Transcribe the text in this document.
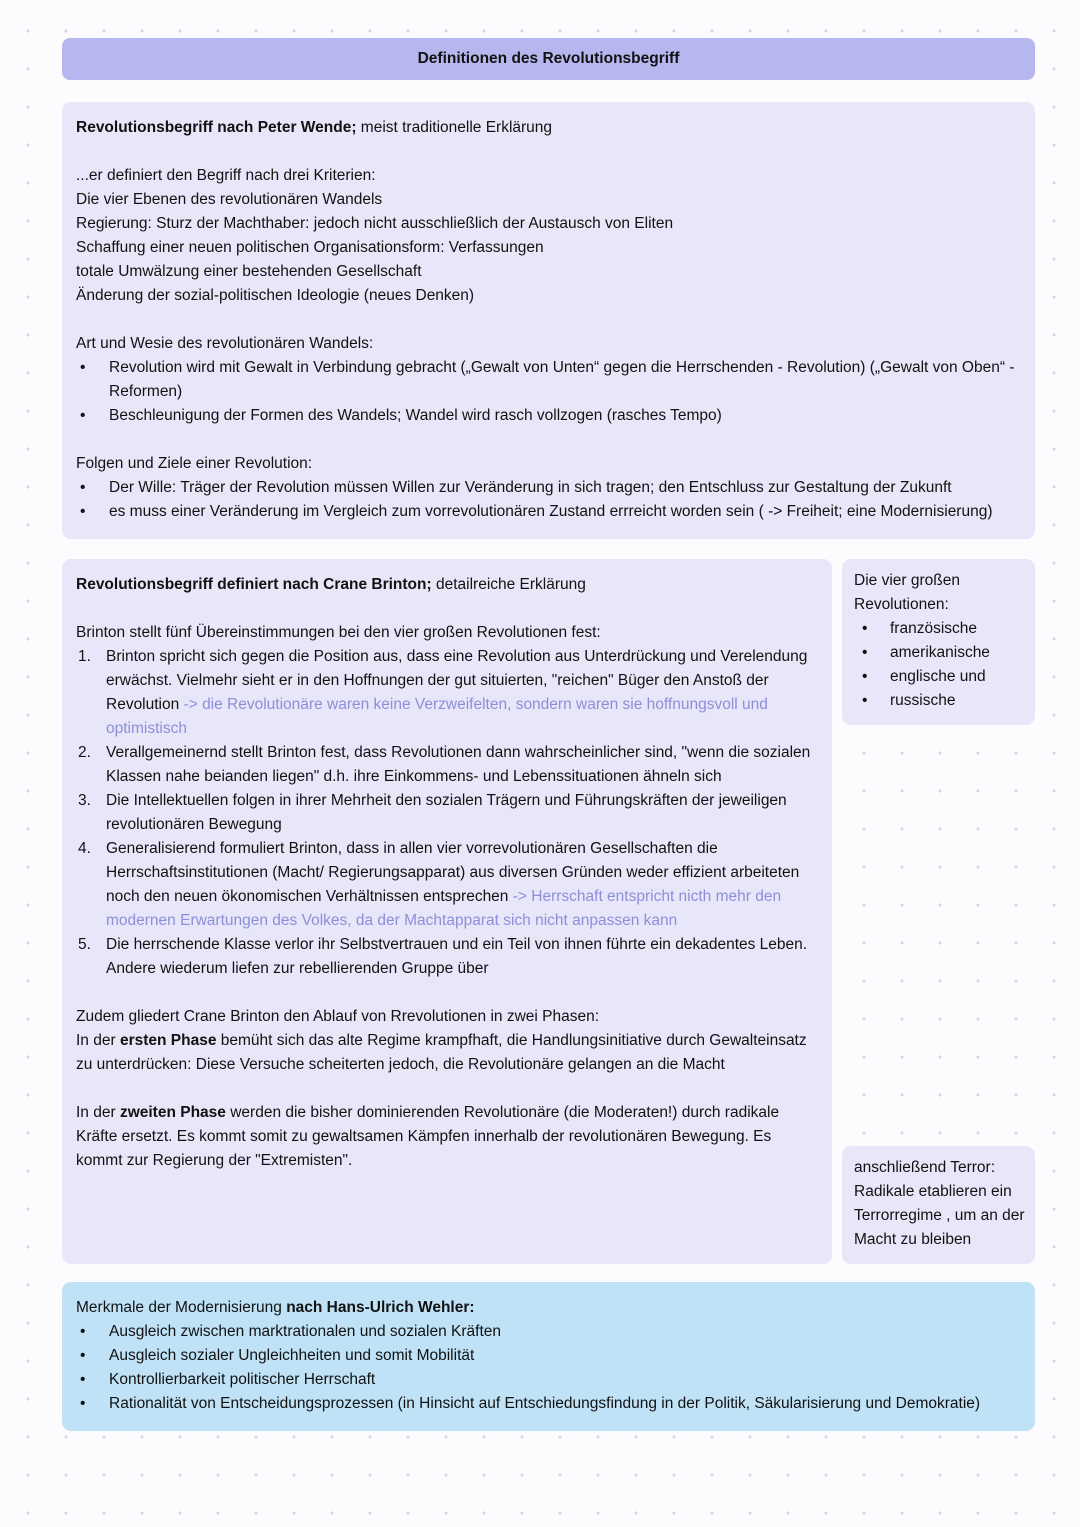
Definitionen des Revolutionsbegriff

Revolutionsbegriff nach Peter Wende; meist traditionelle Erklärung

...er definiert den Begriff nach drei Kriterien:

Die vier Ebenen des revolutionären Wandels

Regierung: Sturz der Machthaber: jedoch nicht ausschließlich der Austausch von Eliten

Schaffung einer neuen politischen Organisationsform: Verfassungen

totale Umwälzung einer bestehenden Gesellschaft

Änderung der sozial-politischen Ideologie (neues Denken)

Art und Wesie des revolutionären Wandels:

• Revolution wird mit Gewalt in Verbindung gebracht („Gewalt von Unten“ gegen die Herrschenden - Revolution) („Gewalt von Oben“ - Reformen)
• Beschleunigung der Formen des Wandels; Wandel wird rasch vollzogen (rasches Tempo)

Folgen und Ziele einer Revolution:

• Der Wille: Träger der Revolution müssen Willen zur Veränderung in sich tragen; den Entschluss zur Gestaltung der Zukunft
• es muss einer Veränderung im Vergleich zum vorrevolutionären Zustand errreicht worden sein ( -> Freiheit; eine Modernisierung)

Revolutionsbegriff definiert nach Crane Brinton; detailreiche Erklärung

Brinton stellt fünf Übereinstimmungen bei den vier großen Revolutionen fest:

1. Brinton spricht sich gegen die Position aus, dass eine Revolution aus Unterdrückung und Verelendung erwächst. Vielmehr sieht er in den Hoffnungen der gut situierten, "reichen" Büger den Anstoß der Revolution -> die Revolutionäre waren keine Verzweifelten, sondern waren sie hoffnungsvoll und optimistisch
2. Verallgemeinernd stellt Brinton fest, dass Revolutionen dann wahrscheinlicher sind, "wenn die sozialen Klassen nahe beianden liegen" d.h. ihre Einkommens- und Lebenssituationen ähneln sich
3. Die Intellektuellen folgen in ihrer Mehrheit den sozialen Trägern und Führungskräften der jeweiligen revolutionären Bewegung
4. Generalisierend formuliert Brinton, dass in allen vier vorrevolutionären Gesellschaften die Herrschaftsinstitutionen (Macht/ Regierungsapparat) aus diversen Gründen weder effizient arbeiteten noch den neuen ökonomischen Verhältnissen entsprechen -> Herrschaft entspricht nicth mehr den modernen Erwartungen des Volkes, da der Machtapparat sich nicht anpassen kann
5. Die herrschende Klasse verlor ihr Selbstvertrauen und ein Teil von ihnen führte ein dekadentes Leben. Andere wiederum liefen zur rebellierenden Gruppe über

Zudem gliedert Crane Brinton den Ablauf von Rrevolutionen in zwei Phasen:

In der ersten Phase bemüht sich das alte Regime krampfhaft, die Handlungsinitiative durch Gewalteinsatz zu unterdrücken: Diese Versuche scheiterten jedoch, die Revolutionäre gelangen an die Macht

In der zweiten Phase werden die bisher dominierenden Revolutionäre (die Moderaten!) durch radikale Kräfte ersetzt. Es kommt somit zu gewaltsamen Kämpfen innerhalb der revolutionären Bewegung. Es kommt zur Regierung der "Extremisten".

Die vier großen Revolutionen:

• französische
• amerikanische
• englische und
• russische

anschließend Terror: Radikale etablieren ein Terrorregime , um an der Macht zu bleiben

Merkmale der Modernisierung nach Hans-Ulrich Wehler:

• Ausgleich zwischen marktrationalen und sozialen Kräften
• Ausgleich sozialer Ungleichheiten und somit Mobilität
• Kontrollierbarkeit politischer Herrschaft
• Rationalität von Entscheidungsprozessen (in Hinsicht auf Entschiedungsfindung in der Politik, Säkularisierung und Demokratie)
